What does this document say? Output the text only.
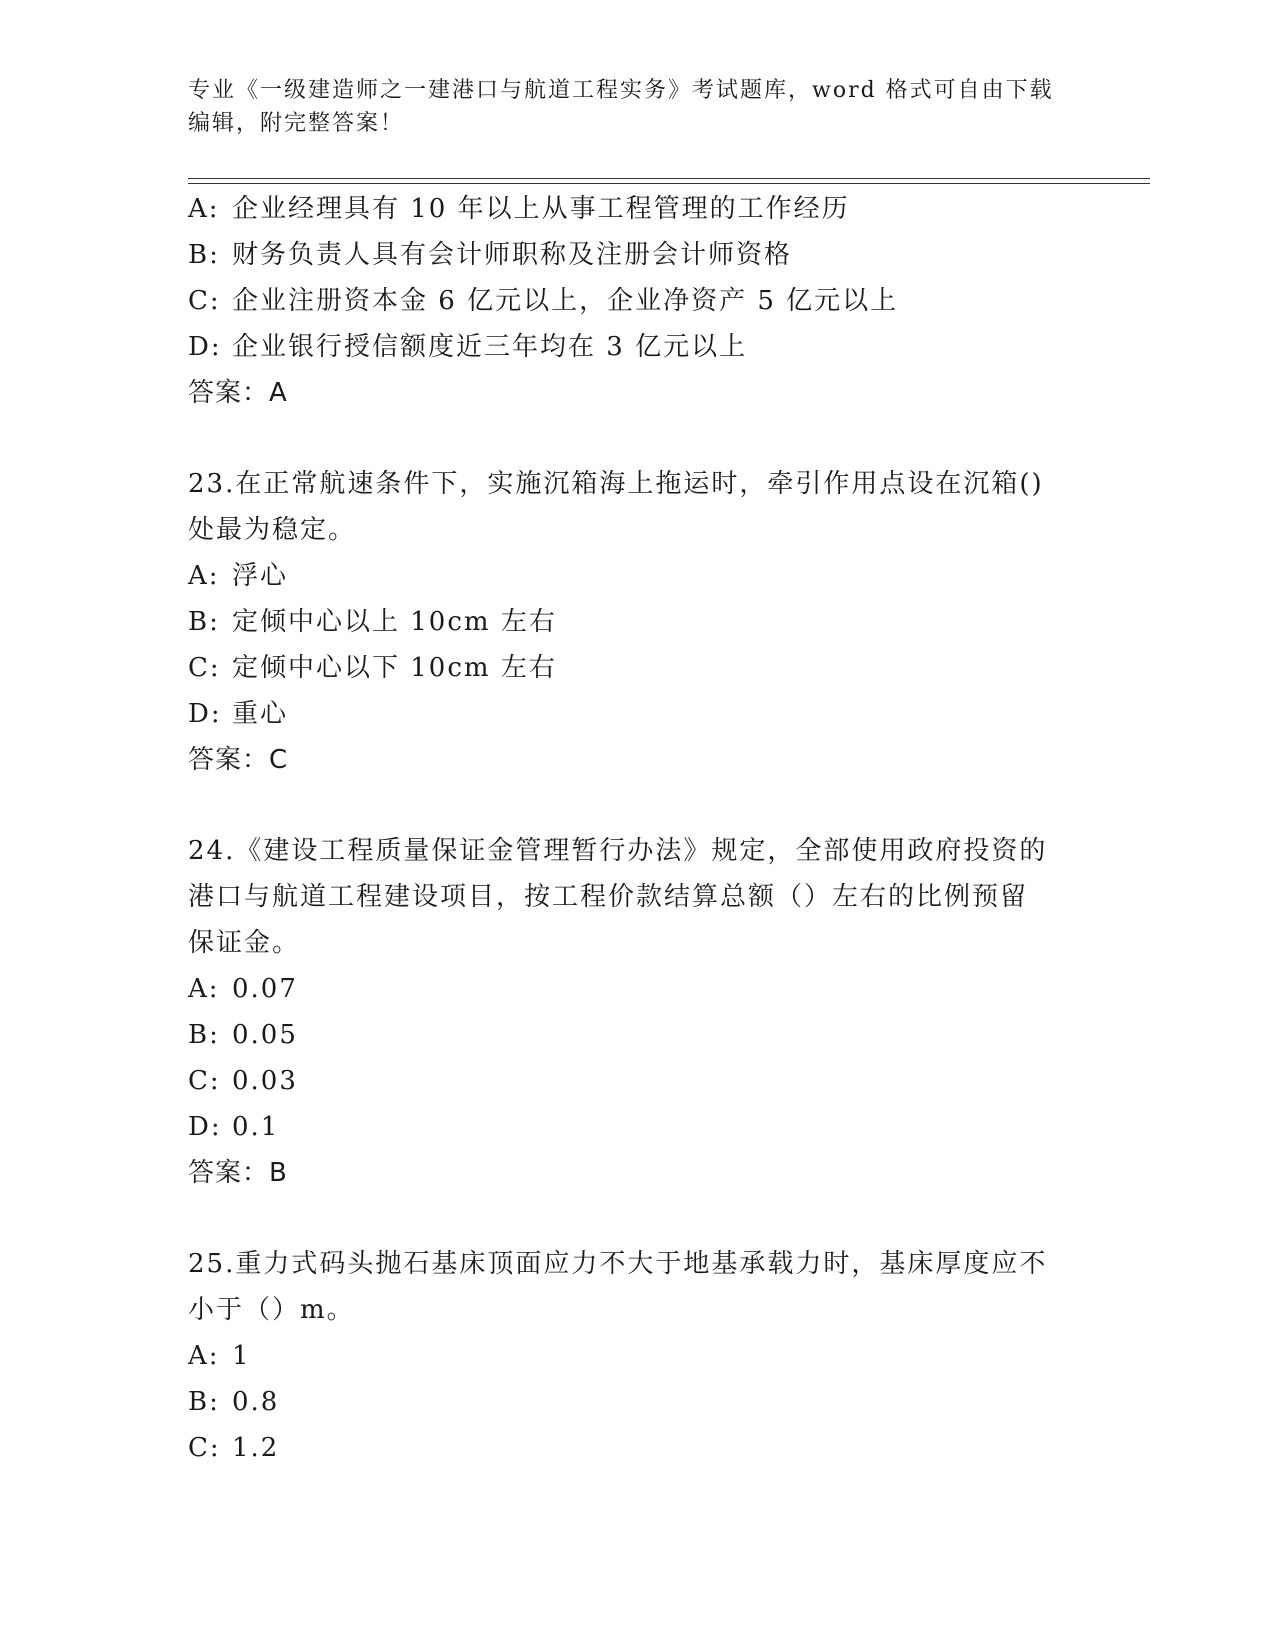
专业《一级建造师之一建港口与航道工程实务》考试题库，word 格式可自由下载
编辑，附完整答案！
A: 企业经理具有 10 年以上从事工程管理的工作经历
B: 财务负责人具有会计师职称及注册会计师资格
C: 企业注册资本金 6 亿元以上，企业净资产 5 亿元以上
D: 企业银行授信额度近三年均在 3 亿元以上
答案：A
23.在正常航速条件下，实施沉箱海上拖运时，牵引作用点设在沉箱()
处最为稳定。
A: 浮心
B: 定倾中心以上 10cm 左右
C: 定倾中心以下 10cm 左右
D: 重心
答案：C
24.《建设工程质量保证金管理暂行办法》规定，全部使用政府投资的
港口与航道工程建设项目，按工程价款结算总额（）左右的比例预留
保证金。
A: 0.07
B: 0.05
C: 0.03
D: 0.1
答案：B
25.重力式码头抛石基床顶面应力不大于地基承载力时，基床厚度应不
小于（）m。
A: 1
B: 0.8
C: 1.2
